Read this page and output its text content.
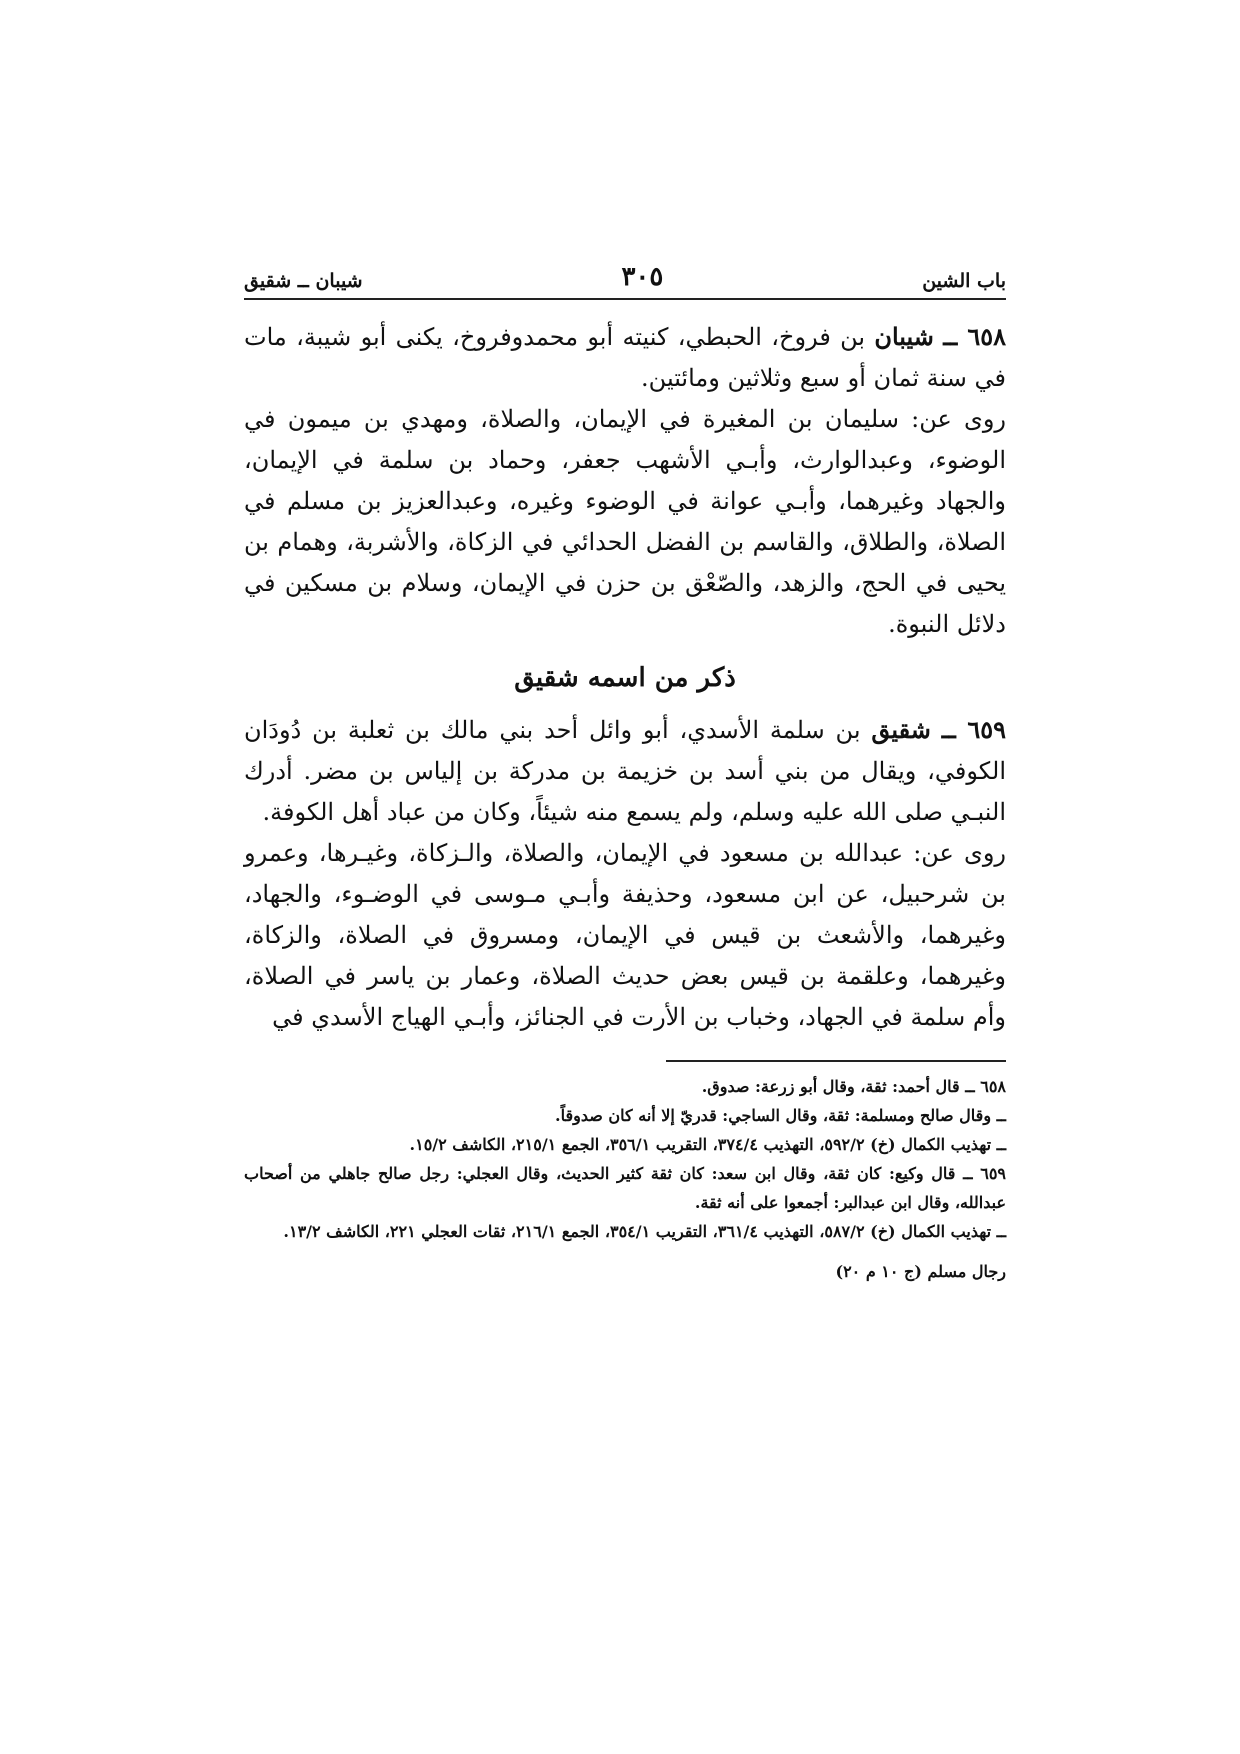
باب الشين
٣٠٥
شيبان ــ شقيق

٦٥٨ ــ شيبان بن فروخ، الحبطي، كنيته أبو محمدوفروخ، يكنى أبو شيبة، مات في سنة ثمان أو سبع وثلاثين ومائتين.

روى عن: سليمان بن المغيرة في الإيمان، والصلاة، ومهدي بن ميمون في الوضوء، وعبدالوارث، وأبـي الأشهب جعفر، وحماد بن سلمة في الإيمان، والجهاد وغيرهما، وأبـي عوانة في الوضوء وغيره، وعبدالعزيز بن مسلم في الصلاة، والطلاق، والقاسم بن الفضل الحدائي في الزكاة، والأشربة، وهمام بن يحيى في الحج، والزهد، والصّعْق بن حزن في الإيمان، وسلام بن مسكين في دلائل النبوة.

ذكر من اسمه شقيق

٦٥٩ ــ شقيق بن سلمة الأسدي، أبو وائل أحد بني مالك بن ثعلبة بن دُودَان الكوفي، ويقال من بني أسد بن خزيمة بن مدركة بن إلياس بن مضر. أدرك النبـي صلى الله عليه وسلم، ولم يسمع منه شيئاً، وكان من عباد أهل الكوفة.

روى عن: عبدالله بن مسعود في الإيمان، والصلاة، والـزكاة، وغيـرها، وعمرو بن شرحبيل، عن ابن مسعود، وحذيفة وأبـي مـوسى في الوضـوء، والجهاد، وغيرهما، والأشعث بن قيس في الإيمان، ومسروق في الصلاة، والزكاة، وغيرهما، وعلقمة بن قيس بعض حديث الصلاة، وعمار بن ياسر في الصلاة، وأم سلمة في الجهاد، وخباب بن الأرت في الجنائز، وأبـي الهياج الأسدي في

٦٥٨ ــ قال أحمد: ثقة، وقال أبو زرعة: صدوق.
ــ وقال صالح ومسلمة: ثقة، وقال الساجي: قدريّ إلا أنه كان صدوقاً.
ــ تهذيب الكمال (خ) ٥٩٢/٢، التهذيب ٣٧٤/٤، التقريب ٣٥٦/١، الجمع ٢١٥/١، الكاشف ١٥/٢.
٦٥٩ ــ قال وكيع: كان ثقة، وقال ابن سعد: كان ثقة كثير الحديث، وقال العجلي: رجل صالح جاهلي من أصحاب عبدالله، وقال ابن عبدالبر: أجمعوا على أنه ثقة.
ــ تهذيب الكمال (خ) ٥٨٧/٢، التهذيب ٣٦١/٤، التقريب ٣٥٤/١، الجمع ٢١٦/١، ثقات العجلي ٢٢١، الكاشف ١٣/٢.
رجال مسلم (ج ١٠ م ٢٠)
